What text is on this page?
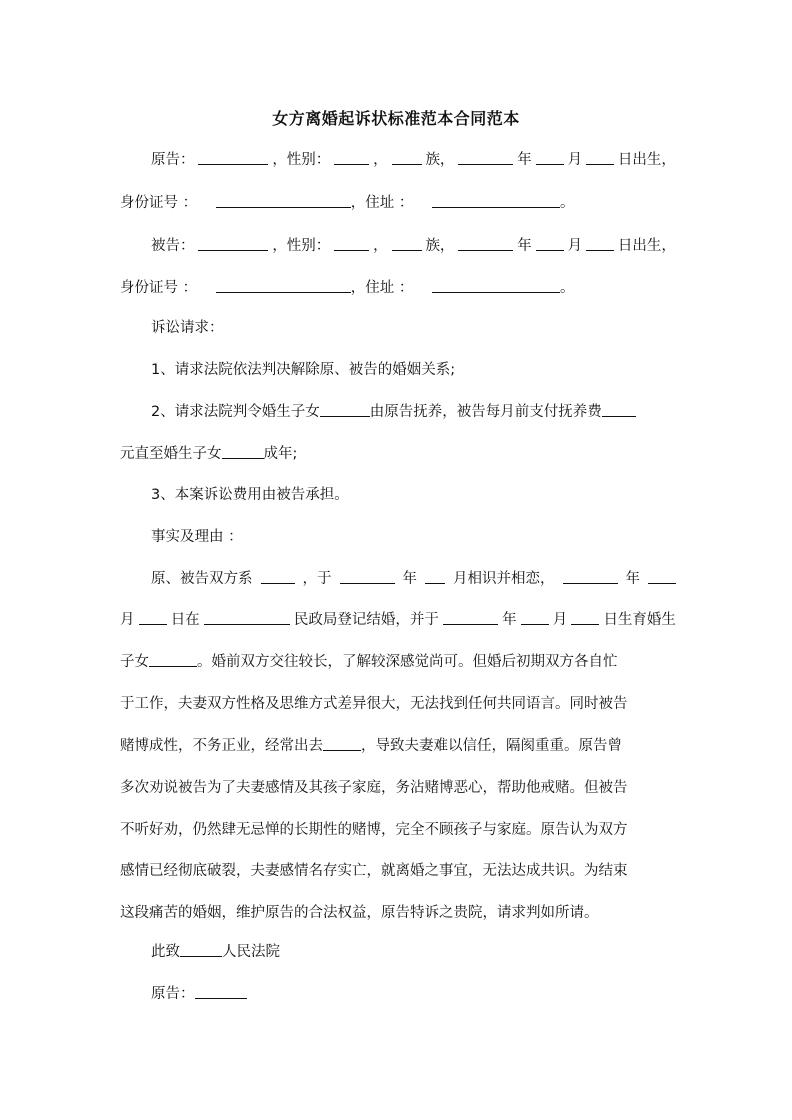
女方离婚起诉状标准范本合同范本
原告：	，性别：	，	族，	年 月 日出生，
身份证号 ：	，住址 ：	。
被告：	，性别：	，	族，	年 月 日出生，
身份证号 ：	，住址 ：	。
诉讼请求：
1、请求法院依法判决解除原、被告的婚姻关系;
2、请求法院判令婚生子女	由原告抚养，被告每月前支付抚养费
元直至婚生子女	成年;
3、本案诉讼费用由被告承担。
事实及理由 ：
原、被告双方系	，于	年 月相识并相恋，	年
月 日在	民政局登记结婚，并于	年 月 日生育婚生
子女	。婚前双方交往较长，了解较深感觉尚可。但婚后初期双方各自忙
于工作，夫妻双方性格及思维方式差异很大，无法找到任何共同语言。同时被告
赌博成性，不务正业，经常出去	，导致夫妻难以信任，隔阂重重。原告曾
多次劝说被告为了夫妻感情及其孩子家庭，务沾赌博恶心，帮助他戒赌。但被告
不听好劝，仍然肆无忌惮的长期性的赌博，完全不顾孩子与家庭。原告认为双方
感情已经彻底破裂，夫妻感情名存实亡，就离婚之事宜，无法达成共识。为结束
这段痛苦的婚姻，维护原告的合法权益，原告特诉之贵院，请求判如所请。
此致	人民法院
原告：
